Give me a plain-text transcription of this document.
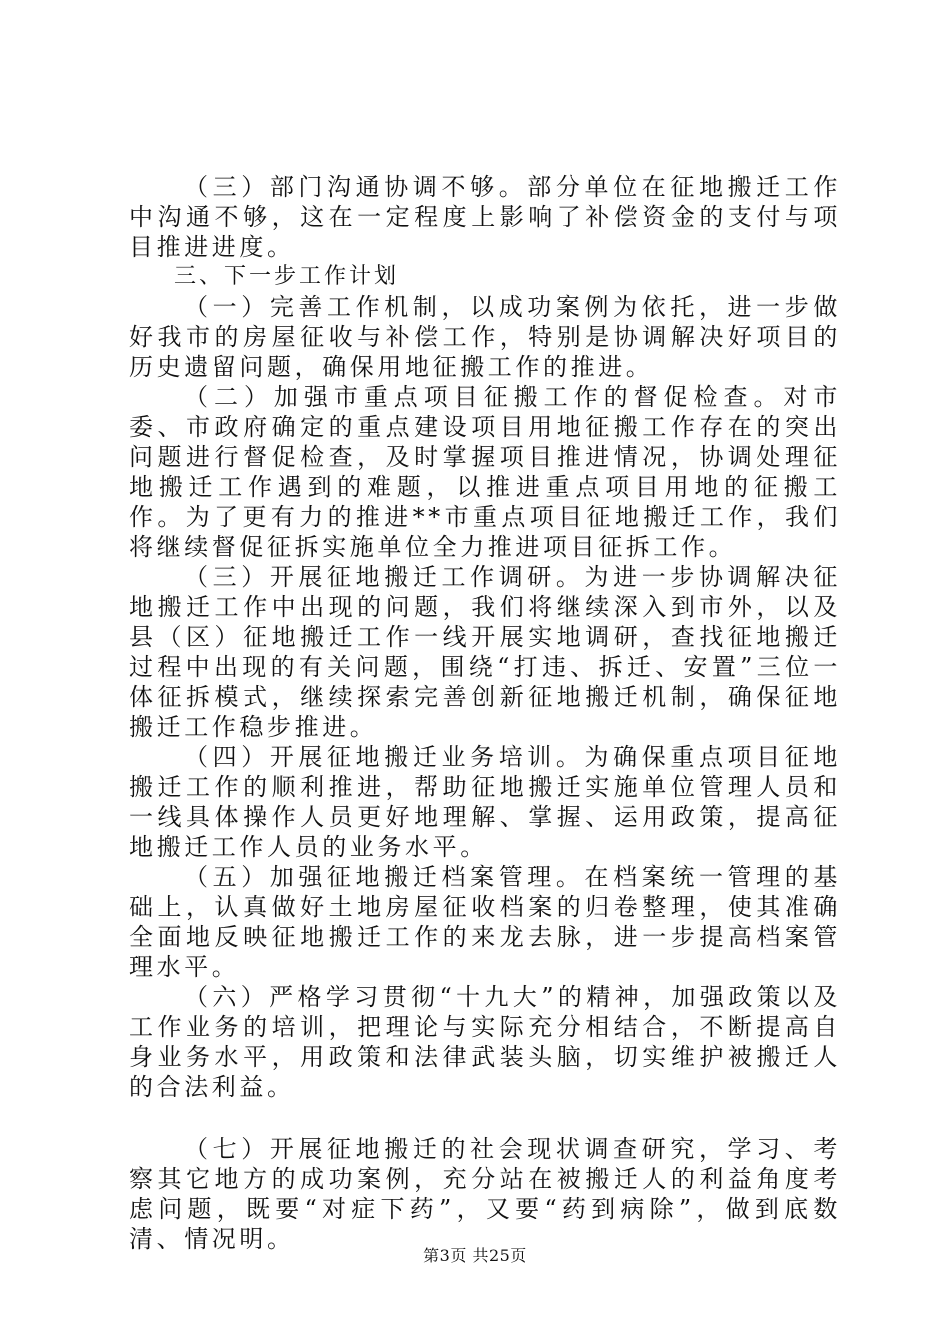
（三）部门沟通协调不够。部分单位在征地搬迁工作中沟通不够，这在一定程度上影响了补偿资金的支付与项目推进进度。

三、下一步工作计划

（一）完善工作机制，以成功案例为依托，进一步做好我市的房屋征收与补偿工作，特别是协调解决好项目的历史遗留问题，确保用地征搬工作的推进。

（二）加强市重点项目征搬工作的督促检查。对市委、市政府确定的重点建设项目用地征搬工作存在的突出问题进行督促检查，及时掌握项目推进情况，协调处理征地搬迁工作遇到的难题，以推进重点项目用地的征搬工作。为了更有力的推进**市重点项目征地搬迁工作，我们将继续督促征拆实施单位全力推进项目征拆工作。

（三）开展征地搬迁工作调研。为进一步协调解决征地搬迁工作中出现的问题，我们将继续深入到市外，以及县（区）征地搬迁工作一线开展实地调研，查找征地搬迁过程中出现的有关问题，围绕“打违、拆迁、安置”三位一体征拆模式，继续探索完善创新征地搬迁机制，确保征地搬迁工作稳步推进。

（四）开展征地搬迁业务培训。为确保重点项目征地搬迁工作的顺利推进，帮助征地搬迁实施单位管理人员和一线具体操作人员更好地理解、掌握、运用政策，提高征地搬迁工作人员的业务水平。

（五）加强征地搬迁档案管理。在档案统一管理的基础上，认真做好土地房屋征收档案的归卷整理，使其准确全面地反映征地搬迁工作的来龙去脉，进一步提高档案管理水平。

（六）严格学习贯彻“十九大”的精神，加强政策以及工作业务的培训，把理论与实际充分相结合，不断提高自身业务水平，用政策和法律武装头脑，切实维护被搬迁人的合法利益。

（七）开展征地搬迁的社会现状调查研究，学习、考察其它地方的成功案例，充分站在被搬迁人的利益角度考虑问题，既要“对症下药”，又要“药到病除”，做到底数清、情况明。

第3页 共25页
